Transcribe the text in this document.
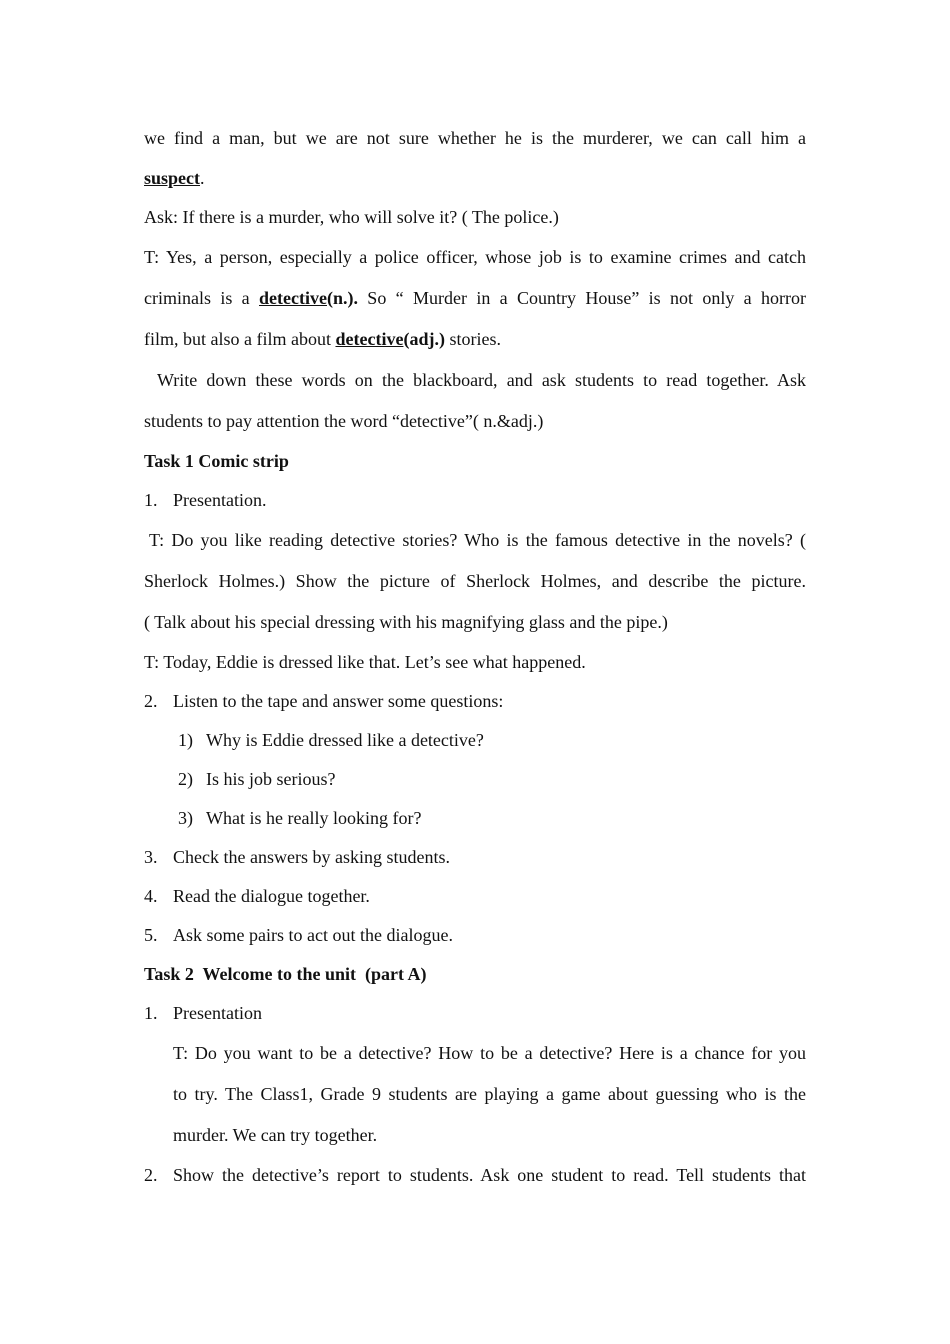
we find a man, but we are not sure whether he is the murderer, we can call him a
suspect.
Ask: If there is a murder, who will solve it? ( The police.)
T: Yes, a person, especially a police officer, whose job is to examine crimes and catch
criminals is a detective(n.). So “ Murder in a Country House” is not only a horror
film, but also a film about detective(adj.) stories.
Write down these words on the blackboard, and ask students to read together. Ask
students to pay attention the word “detective”( n.&adj.)
Task 1 Comic strip
1. Presentation.
T: Do you like reading detective stories? Who is the famous detective in the novels? (
Sherlock Holmes.) Show the picture of Sherlock Holmes, and describe the picture.
( Talk about his special dressing with his magnifying glass and the pipe.)
T: Today, Eddie is dressed like that. Let’s see what happened.
2. Listen to the tape and answer some questions:
1) Why is Eddie dressed like a detective?
2) Is his job serious?
3) What is he really looking for?
3. Check the answers by asking students.
4. Read the dialogue together.
5. Ask some pairs to act out the dialogue.
Task 2  Welcome to the unit  (part A)
1. Presentation
T: Do you want to be a detective? How to be a detective? Here is a chance for you
to try. The Class1, Grade 9 students are playing a game about guessing who is the
murder. We can try together.
2. Show the detective’s report to students. Ask one student to read. Tell students that
